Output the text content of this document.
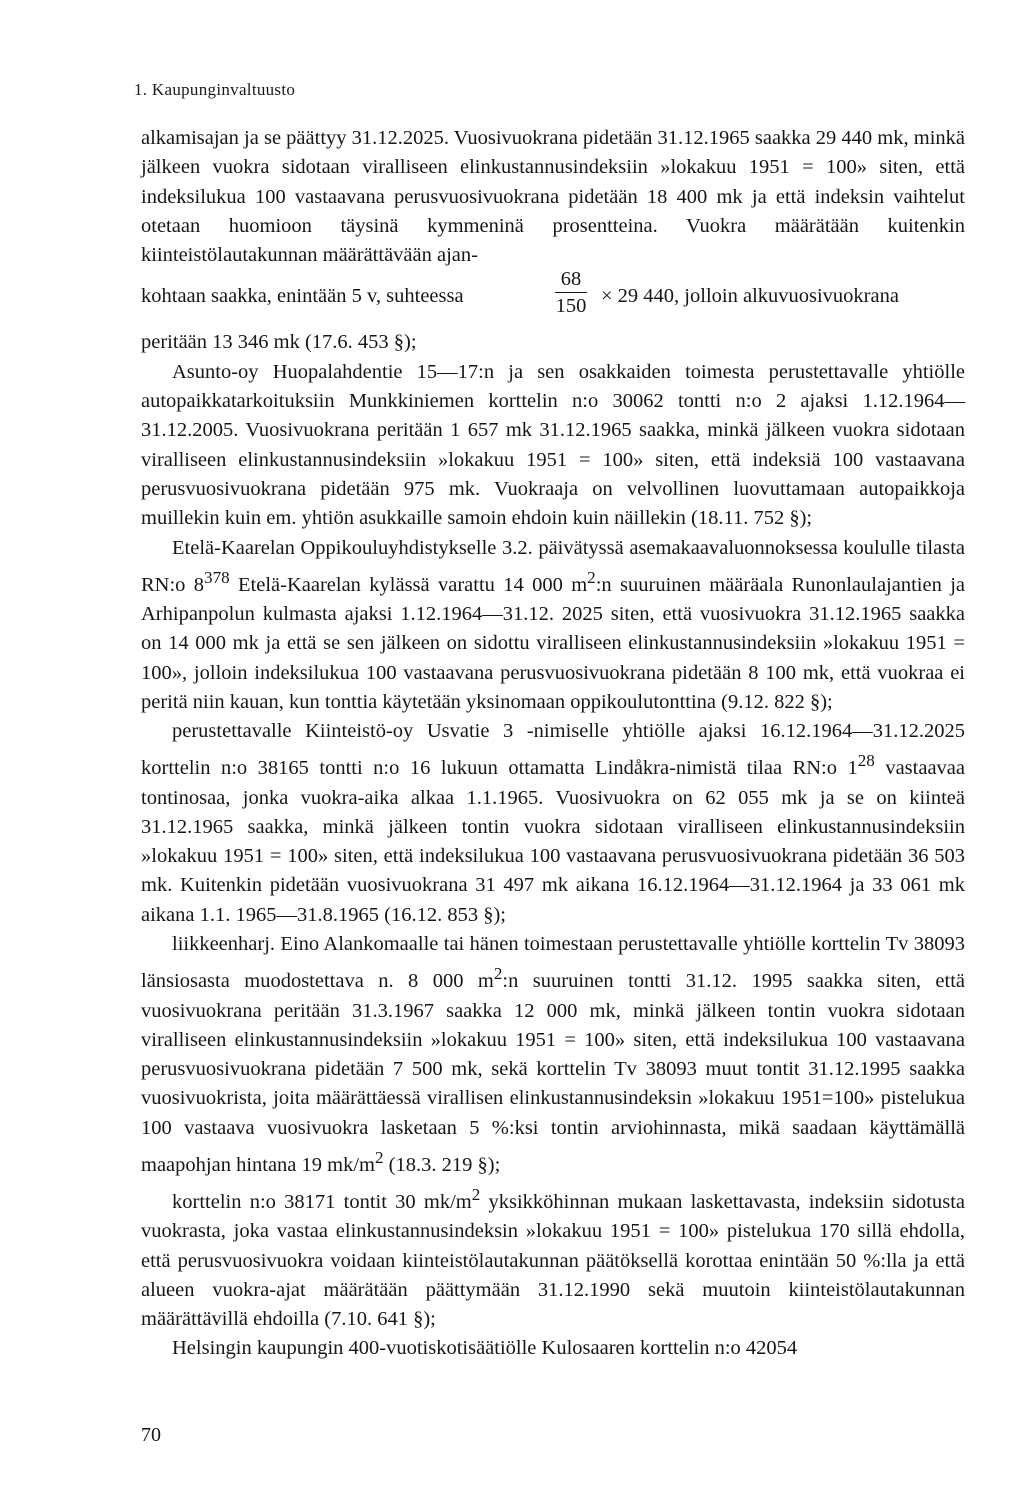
1. Kaupunginvaltuusto

alkamisajan ja se päättyy 31.12.2025. Vuosivuokrana pidetään 31.12.1965 saakka 29 440 mk, minkä jälkeen vuokra sidotaan viralliseen elinkustannusindeksiin »lokakuu 1951 = 100» siten, että indeksilukua 100 vastaavana perusvuosivuokrana pidetään 18 400 mk ja että indeksin vaihtelut otetaan huomioon täysinä kymmeninä prosentteina. Vuokra määrätään kuitenkin kiinteistölautakunnan määrättävään ajan-

kohtaan saakka, enintään 5 v, suhteessa	$\frac{68}{150} \times 29$ 440, jolloin alkuvuosivuokrana

peritään 13 346 mk (17.6. 453 §);

Asunto-oy Huopalahdentie 15—17:n ja sen osakkaiden toimesta perustettavalle yhtiölle autopaikkatarkoituksiin Munkkiniemen korttelin n:o 30062 tontti n:o 2 ajaksi 1.12.1964—31.12.2005. Vuosivuokrana peritään 1 657 mk 31.12.1965 saakka, minkä jälkeen vuokra sidotaan viralliseen elinkustannusindeksiin »lokakuu 1951 = 100» siten, että indeksiä 100 vastaavana perusvuosivuokrana pidetään 975 mk. Vuokraaja on velvollinen luovuttamaan autopaikkoja muillekin kuin em. yhtiön asukkaille samoin ehdoin kuin näillekin (18.11. 752 §);

Etelä-Kaarelan Oppikouluyhdistykselle 3.2. päivätyssä asemakaavaluonnoksessa koululle tilasta RN:o $8^{378}$ Etelä-Kaarelan kylässä varattu 14 000 $m^2:n$ suuruinen määräala Runonlaulajantien ja Arhipanpolun kulmasta ajaksi 1.12.1964—31.12. 2025 siten, että vuosivuokra 31.12.1965 saakka on 14 000 mk ja että se sen jälkeen on sidottu viralliseen elinkustannusindeksiin »lokakuu 1951 = 100», jolloin indeksilukua 100 vastaavana perusvuosivuokrana pidetään 8 100 mk, että vuokraa ei peritä niin kauan, kun tonttia käytetään yksinomaan oppikoulutonttina (9.12. 822 §);

perustettavalle Kiinteistö-oy Usvatie 3 -nimiselle yhtiölle ajaksi 16.12.1964—31.12.2025 korttelin n:o 38165 tontti n:o 16 lukuun ottamatta Lindåkra-nimistä tilaa RN:o $1^{28}$ vastaavaa tontinosaa, jonka vuokra-aika alkaa 1.1.1965. Vuosivuokra on 62 055 mk ja se on kiinteä 31.12.1965 saakka, minkä jälkeen tontin vuokra sidotaan viralliseen elinkustannusindeksiin »lokakuu 1951 = 100» siten, että indeksilukua 100 vastaavana perusvuosivuokrana pidetään 36 503 mk. Kuitenkin pidetään vuosivuokrana 31 497 mk aikana 16.12.1964—31.12.1964 ja 33 061 mk aikana 1.1. 1965—31.8.1965 (16.12. 853 §);

liikkeenharj. Eino Alankomaalle tai hänen toimestaan perustettavalle yhtiölle korttelin Tv 38093 länsiosasta muodostettava n. 8 000 $m^2:n$ suuruinen tontti 31.12. 1995 saakka siten, että vuosivuokrana peritään 31.3.1967 saakka 12 000 mk, minkä jälkeen tontin vuokra sidotaan viralliseen elinkustannusindeksiin »lokakuu 1951 = 100» siten, että indeksilukua 100 vastaavana perusvuosivuokrana pidetään 7 500 mk, sekä korttelin Tv 38093 muut tontit 31.12.1995 saakka vuosivuokrista, joita määrättäessä virallisen elinkustannusindeksin »lokakuu 1951=100» pistelukua 100 vastaava vuosivuokra lasketaan 5 %:ksi tontin arviohinnasta, mikä saadaan käyttämällä maapohjan hintana 19 $mk/m^2$ (18.3. 219 §);

korttelin n:o 38171 tontit 30 $mk/m^2$ yksikköhinnan mukaan laskettavasta, indeksiin sidotusta vuokrasta, joka vastaa elinkustannusindeksin »lokakuu 1951 = 100» pistelukua 170 sillä ehdolla, että perusvuosivuokra voidaan kiinteistölautakunnan päätöksellä korottaa enintään 50 %:lla ja että alueen vuokra-ajat määrätään päättymään 31.12.1990 sekä muutoin kiinteistölautakunnan määrättävillä ehdoilla (7.10. 641 §);

Helsingin kaupungin 400-vuotiskotisäätiölle Kulosaaren korttelin n:o 42054

70
